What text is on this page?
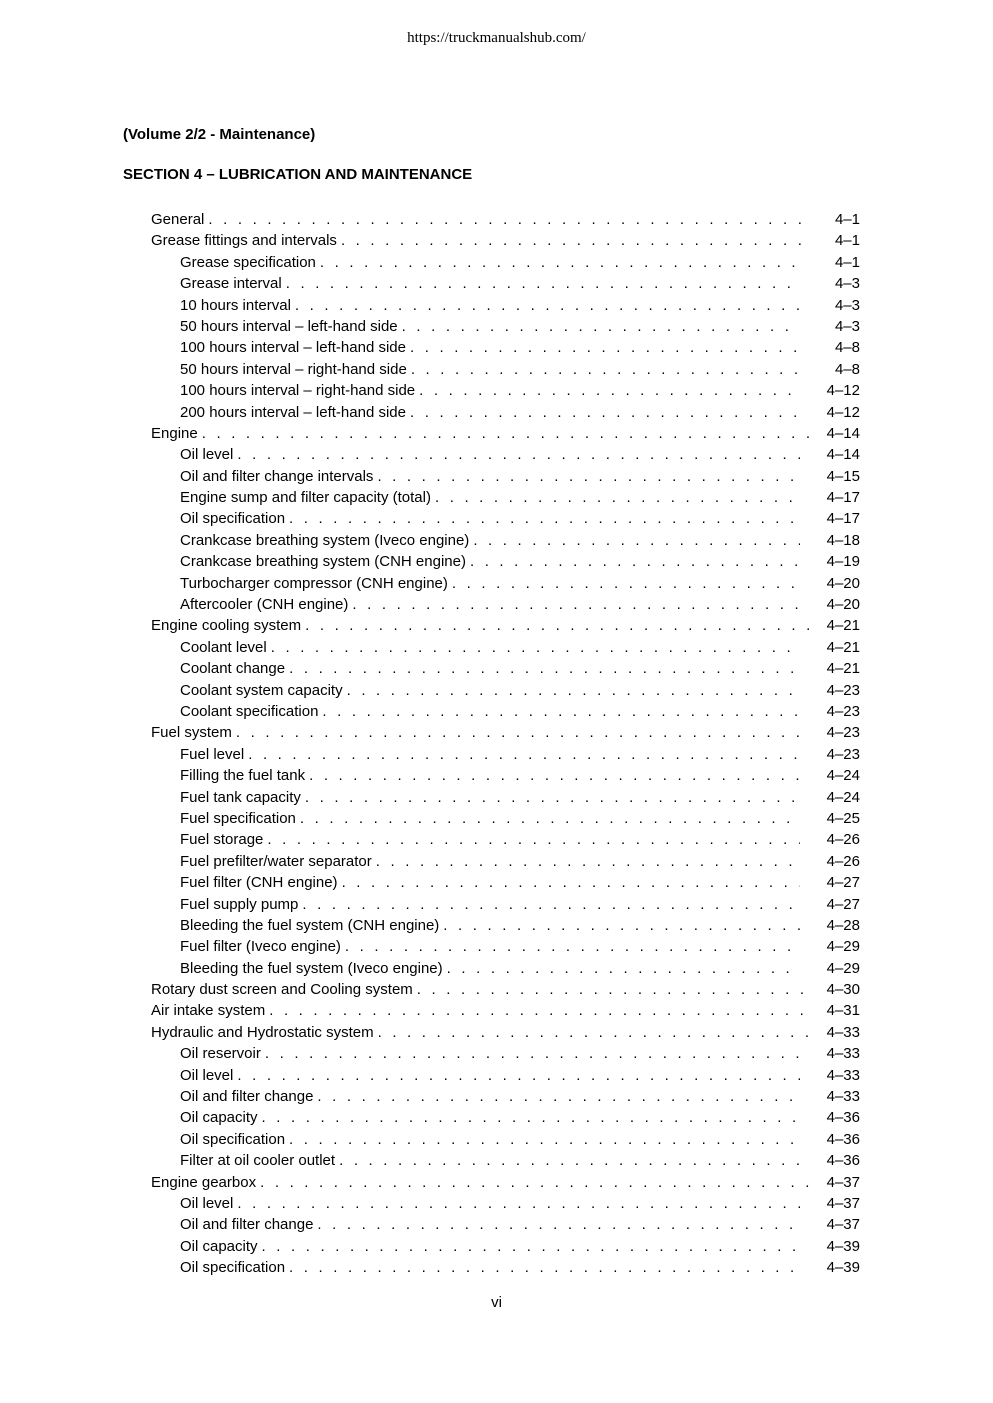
https://truckmanualshub.com/
(Volume 2/2 - Maintenance)
SECTION 4 – LUBRICATION AND MAINTENANCE
General . . .	4–1
Grease fittings and intervals . . .	4–1
Grease specification . . .	4–1
Grease interval . . .	4–3
10 hours interval . . .	4–3
50 hours interval – left-hand side . . .	4–3
100 hours interval – left-hand side . . .	4–8
50 hours interval – right-hand side . . .	4–8
100 hours interval – right-hand side . . .	4–12
200 hours interval – left-hand side . . .	4–12
Engine . . .	4–14
Oil level . . .	4–14
Oil and filter change intervals . . .	4–15
Engine sump and filter capacity (total) . . .	4–17
Oil specification . . .	4–17
Crankcase breathing system (Iveco engine) . . .	4–18
Crankcase breathing system (CNH engine) . . .	4–19
Turbocharger compressor (CNH engine) . . .	4–20
Aftercooler (CNH engine) . . .	4–20
Engine cooling system . . .	4–21
Coolant level . . .	4–21
Coolant change . . .	4–21
Coolant system capacity . . .	4–23
Coolant specification . . .	4–23
Fuel system . . .	4–23
Fuel level . . .	4–23
Filling the fuel tank . . .	4–24
Fuel tank capacity . . .	4–24
Fuel specification . . .	4–25
Fuel storage . . .	4–26
Fuel prefilter/water separator . . .	4–26
Fuel filter (CNH engine) . . .	4–27
Fuel supply pump . . .	4–27
Bleeding the fuel system (CNH engine) . . .	4–28
Fuel filter (Iveco engine) . . .	4–29
Bleeding the fuel system (Iveco engine) . . .	4–29
Rotary dust screen and Cooling system . . .	4–30
Air intake system . . .	4–31
Hydraulic and Hydrostatic system . . .	4–33
Oil reservoir . . .	4–33
Oil level . . .	4–33
Oil and filter change . . .	4–33
Oil capacity . . .	4–36
Oil specification . . .	4–36
Filter at oil cooler outlet . . .	4–36
Engine gearbox . . .	4–37
Oil level . . .	4–37
Oil and filter change . . .	4–37
Oil capacity . . .	4–39
Oil specification . . .	4–39
vi
